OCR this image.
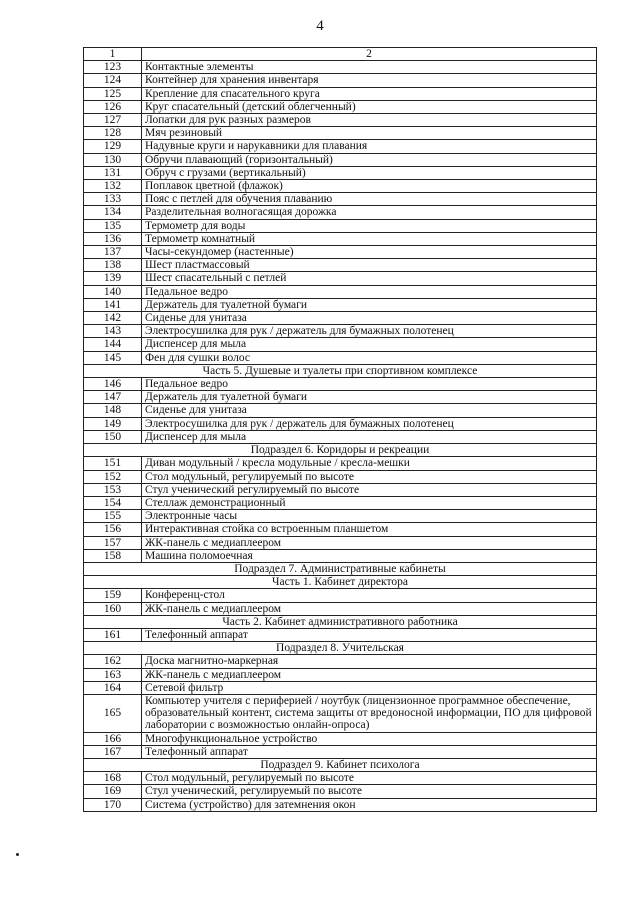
4
1	2
123	Контактные элементы
124	Контейнер для хранения инвентаря
125	Крепление для спасательного круга
126	Круг спасательный (детский облегченный)
127	Лопатки для рук разных размеров
128	Мяч резиновый
129	Надувные круги и нарукавники для плавания
130	Обручи плавающий (горизонтальный)
131	Обруч с грузами (вертикальный)
132	Поплавок цветной (флажок)
133	Пояс с петлей для обучения плаванию
134	Разделительная волногасящая дорожка
135	Термометр для воды
136	Термометр комнатный
137	Часы-секундомер (настенные)
138	Шест пластмассовый
139	Шест спасательный с петлей
140	Педальное ведро
141	Держатель для туалетной бумаги
142	Сиденье для унитаза
143	Электросушилка для рук / держатель для бумажных полотенец
144	Диспенсер для мыла
145	Фен для сушки волос
Часть 5. Душевые и туалеты при спортивном комплексе	
146	Педальное ведро
147	Держатель для туалетной бумаги
148	Сиденье для унитаза
149	Электросушилка для рук / держатель для бумажных полотенец
150	Диспенсер для мыла
Подраздел 6. Коридоры и рекреации	
151	Диван модульный / кресла модульные / кресла-мешки
152	Стол модульный, регулируемый по высоте
153	Стул ученический регулируемый по высоте
154	Стеллаж демонстрационный
155	Электронные часы
156	Интерактивная стойка со встроенным планшетом
157	ЖК-панель с медиаплеером
158	Машина поломоечная
Подраздел 7. Административные кабинеты	
Часть 1. Кабинет директора	
159	Конференц-стол
160	ЖК-панель с медиаплеером
Часть 2. Кабинет административного работника	
161	Телефонный аппарат
Подраздел 8. Учительская	
162	Доска магнитно-маркерная
163	ЖК-панель с медиаплеером
164	Сетевой фильтр
165	Компьютер учителя с периферией / ноутбук (лицензионное программное обеспечение, образовательный контент, система защиты от вредоносной информации, ПО для цифровой лаборатории с возможностью онлайн-опроса)
166	Многофункциональное устройство
167	Телефонный аппарат
Подраздел 9. Кабинет психолога	
168	Стол модульный, регулируемый по высоте
169	Стул ученический, регулируемый по высоте
170	Система (устройство) для затемнения окон
